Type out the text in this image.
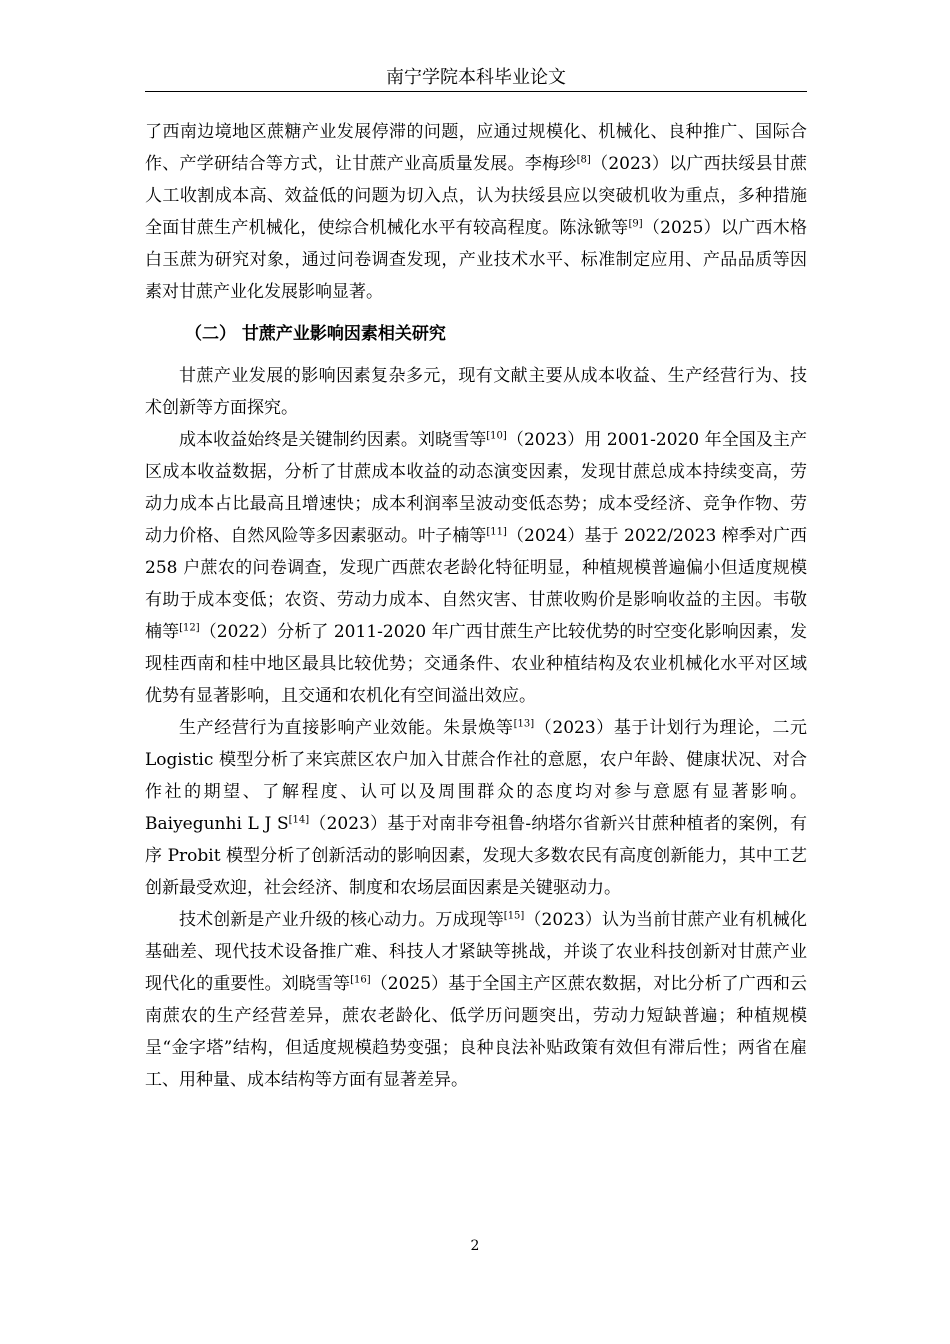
南宁学院本科毕业论文

了西南边境地区蔗糖产业发展停滞的问题，应通过规模化、机械化、良种推广、国际合作、产学研结合等方式，让甘蔗产业高质量发展。李梅珍[8]（2023）以广西扶绥县甘蔗人工收割成本高、效益低的问题为切入点，认为扶绥县应以突破机收为重点，多种措施全面甘蔗生产机械化，使综合机械化水平有较高程度。陈泳锨等[9]（2025）以广西木格白玉蔗为研究对象，通过问卷调查发现，产业技术水平、标准制定应用、产品品质等因素对甘蔗产业化发展影响显著。

（二） 甘蔗产业影响因素相关研究

甘蔗产业发展的影响因素复杂多元，现有文献主要从成本收益、生产经营行为、技术创新等方面探究。

成本收益始终是关键制约因素。刘晓雪等[10]（2023）用 2001-2020 年全国及主产区成本收益数据，分析了甘蔗成本收益的动态演变因素，发现甘蔗总成本持续变高，劳动力成本占比最高且增速快；成本利润率呈波动变低态势；成本受经济、竞争作物、劳动力价格、自然风险等多因素驱动。叶子楠等[11]（2024）基于 2022/2023 榨季对广西 258 户蔗农的问卷调查，发现广西蔗农老龄化特征明显，种植规模普遍偏小但适度规模有助于成本变低；农资、劳动力成本、自然灾害、甘蔗收购价是影响收益的主因。韦敬楠等[12]（2022）分析了 2011-2020 年广西甘蔗生产比较优势的时空变化影响因素，发现桂西南和桂中地区最具比较优势；交通条件、农业种植结构及农业机械化水平对区域优势有显著影响，且交通和农机化有空间溢出效应。

生产经营行为直接影响产业效能。朱景焕等[13]（2023）基于计划行为理论，二元 Logistic 模型分析了来宾蔗区农户加入甘蔗合作社的意愿，农户年龄、健康状况、对合作社的期望、了解程度、认可以及周围群众的态度均对参与意愿有显著影响。Baiyegunhi L J S[14]（2023）基于对南非夸祖鲁-纳塔尔省新兴甘蔗种植者的案例，有序 Probit 模型分析了创新活动的影响因素，发现大多数农民有高度创新能力，其中工艺创新最受欢迎，社会经济、制度和农场层面因素是关键驱动力。

技术创新是产业升级的核心动力。万成现等[15]（2023）认为当前甘蔗产业有机械化基础差、现代技术设备推广难、科技人才紧缺等挑战，并谈了农业科技创新对甘蔗产业现代化的重要性。刘晓雪等[16]（2025）基于全国主产区蔗农数据，对比分析了广西和云南蔗农的生产经营差异，蔗农老龄化、低学历问题突出，劳动力短缺普遍；种植规模呈“金字塔”结构，但适度规模趋势变强；良种良法补贴政策有效但有滞后性；两省在雇工、用种量、成本结构等方面有显著差异。

2
